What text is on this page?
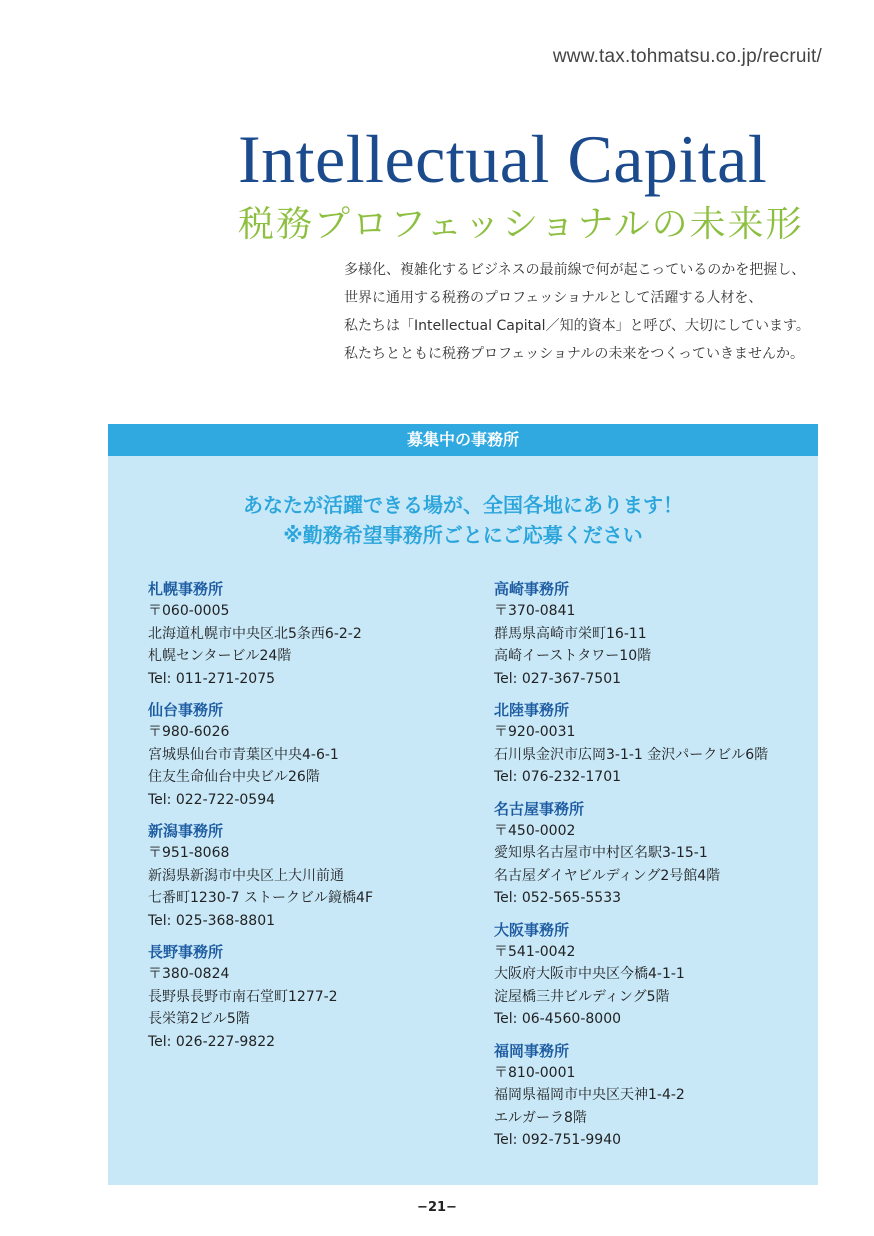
www.tax.tohmatsu.co.jp/recruit/
Intellectual Capital
税務プロフェッショナルの未来形

多様化、複雑化するビジネスの最前線で何が起こっているのかを把握し、

世界に通用する税務のプロフェッショナルとして活躍する人材を、

私たちは「Intellectual Capital／知的資本」と呼び、大切にしています。

私たちとともに税務プロフェッショナルの未来をつくっていきませんか。

募集中の事務所

あなたが活躍できる場が、全国各地にあります！

※勤務希望事務所ごとにご応募ください

札幌事務所
〒060-0005
北海道札幌市中央区北5条西6-2-2
札幌センタービル24階
Tel: 011-271-2075
仙台事務所
〒980-6026
宮城県仙台市青葉区中央4-6-1
住友生命仙台中央ビル26階
Tel: 022-722-0594
新潟事務所
〒951-8068
新潟県新潟市中央区上大川前通
七番町1230-7 ストークビル鏡橋4F
Tel: 025-368-8801
長野事務所
〒380-0824
長野県長野市南石堂町1277-2
長栄第2ビル5階
Tel: 026-227-9822
高崎事務所
〒370-0841
群馬県高崎市栄町16-11
高崎イーストタワー10階
Tel: 027-367-7501
北陸事務所
〒920-0031
石川県金沢市広岡3-1-1 金沢パークビル6階
Tel: 076-232-1701
名古屋事務所
〒450-0002
愛知県名古屋市中村区名駅3-15-1
名古屋ダイヤビルディング2号館4階
Tel: 052-565-5533
大阪事務所
〒541-0042
大阪府大阪市中央区今橋4-1-1
淀屋橋三井ビルディング5階
Tel: 06-4560-8000
福岡事務所
〒810-0001
福岡県福岡市中央区天神1-4-2
エルガーラ8階
Tel: 092-751-9940
−21−
